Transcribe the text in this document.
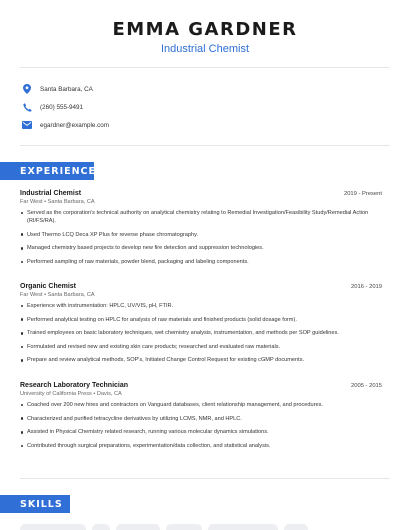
EMMA GARDNER
Industrial Chemist
Santa Barbara, CA
(260) 555-9491
egardner@example.com
EXPERIENCE
Industrial Chemist	2019 - Present
Far West • Santa Barbara, CA
Served as the corporation's technical authority on analytical chemistry relating to Remedial Investigation/Feasibility Study/Remedial Action (RI/FS/RA).
Used Thermo LCQ Deca XP Plus for reverse phase chromatography.
Managed chemistry based projects to develop new fire detection and suppression technologies.
Performed sampling of raw materials, powder blend, packaging and labeling components.
Organic Chemist	2016 - 2019
Far West • Santa Barbara, CA
Experience with instrumentation: HPLC, UV/VIS, pH, FTIR.
Performed analytical testing on HPLC for analysis of raw materials and finished products (solid dosage form).
Trained employees on basic laboratory techniques, wet chemistry analysis, instrumentation, and methods per SOP guidelines.
Formulated and revised new and existing skin care products; researched and evaluated raw materials.
Prepare and review analytical methods, SOP's, Initiated Change Control Request for existing cGMP documents.
Research Laboratory Technician	2005 - 2015
University of California Press • Davis, CA
Coached over 200 new hires and contractors on Vanguard databases, client relationship management, and procedures.
Characterized and purified tetracycline derivatives by utilizing LCMS, NMR, and HPLC.
Assisted in Physical Chemistry related research, running various molecular dynamics simulations.
Contributed through surgical preparations, experimentation/data collection, and statistical analysis.
SKILLS
